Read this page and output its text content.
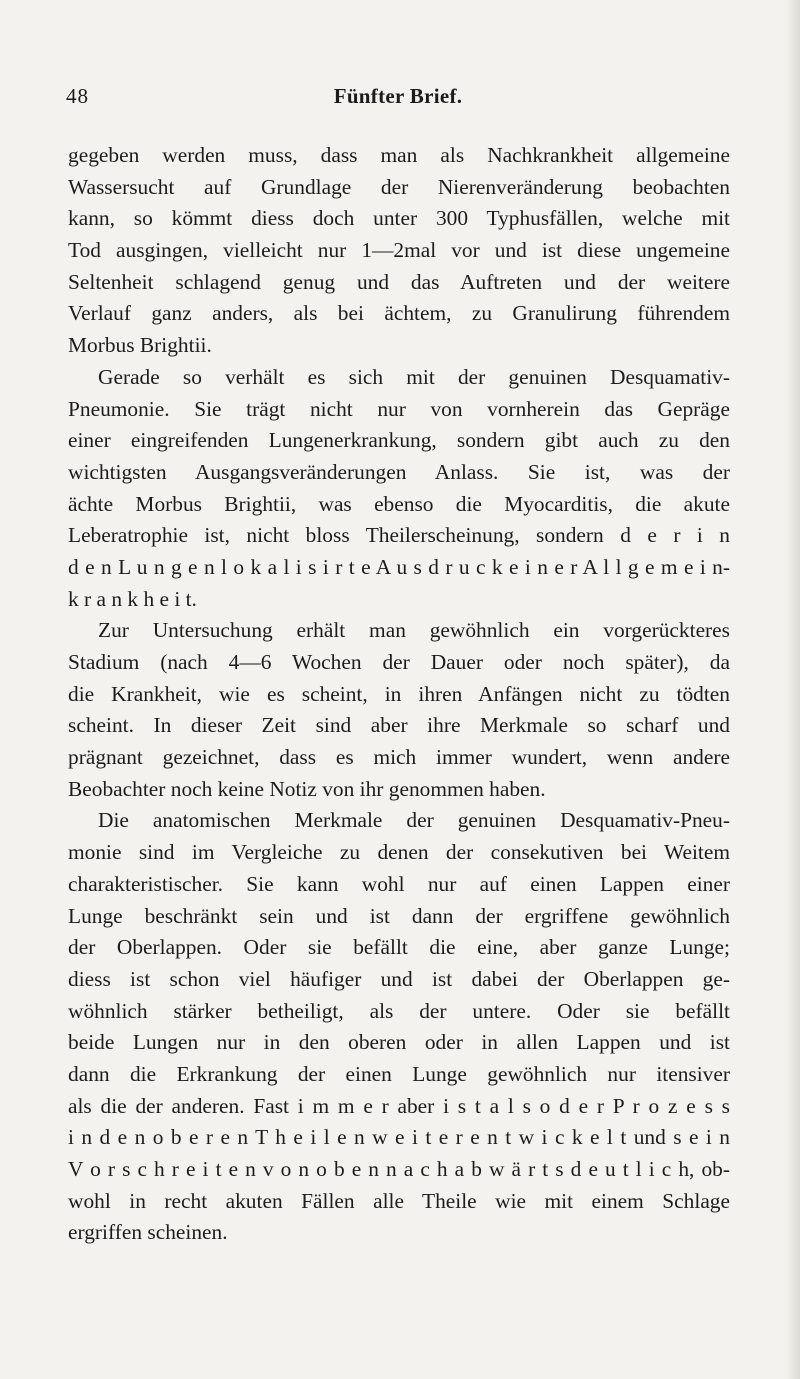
48	Fünfter Brief.
gegeben werden muss, dass man als Nachkrankheit allgemeine
Wassersucht auf Grundlage der Nierenveränderung beobachten
kann, so kömmt diess doch unter 300 Typhusfällen, welche mit
Tod ausgingen, vielleicht nur 1—2mal vor und ist diese ungemeine
Seltenheit schlagend genug und das Auftreten und der weitere
Verlauf ganz anders, als bei ächtem, zu Granulirung führendem
Morbus Brightii.
Gerade so verhält es sich mit der genuinen Desquamativ-
Pneumonie. Sie trägt nicht nur von vornherein das Gepräge
einer eingreifenden Lungenerkrankung, sondern gibt auch zu den
wichtigsten Ausgangsveränderungen Anlass. Sie ist, was der
ächte Morbus Brightii, was ebenso die Myocarditis, die akute
Leberatrophie ist, nicht bloss Theilerscheinung, sondern d e r i n
d e n L u n g e n l o k a l i s i r t e A u s d r u c k e i n e r A l l g e m e i n-
k r a n k h e i t.
Zur Untersuchung erhält man gewöhnlich ein vorgerückteres
Stadium (nach 4—6 Wochen der Dauer oder noch später), da
die Krankheit, wie es scheint, in ihren Anfängen nicht zu tödten
scheint. In dieser Zeit sind aber ihre Merkmale so scharf und
prägnant gezeichnet, dass es mich immer wundert, wenn andere
Beobachter noch keine Notiz von ihr genommen haben.
Die anatomischen Merkmale der genuinen Desquamativ-Pneu-
monie sind im Vergleiche zu denen der consekutiven bei Weitem
charakteristischer. Sie kann wohl nur auf einen Lappen einer
Lunge beschränkt sein und ist dann der ergriffene gewöhnlich
der Oberlappen. Oder sie befällt die eine, aber ganze Lunge;
diess ist schon viel häufiger und ist dabei der Oberlappen ge-
wöhnlich stärker betheiligt, als der untere. Oder sie befällt
beide Lungen nur in den oberen oder in allen Lappen und ist
dann die Erkrankung der einen Lunge gewöhnlich nur itensiver
als die der anderen. Fast i m m e r aber i s t a l s o d e r P r o z e s s
i n d e n o b e r e n T h e i l e n w e i t e r e n t w i c k e l t und s e i n
V o r s c h r e i t e n v o n o b e n n a c h a b w ä r t s d e u t l i c h, ob-
wohl in recht akuten Fällen alle Theile wie mit einem Schlage
ergriffen scheinen.
